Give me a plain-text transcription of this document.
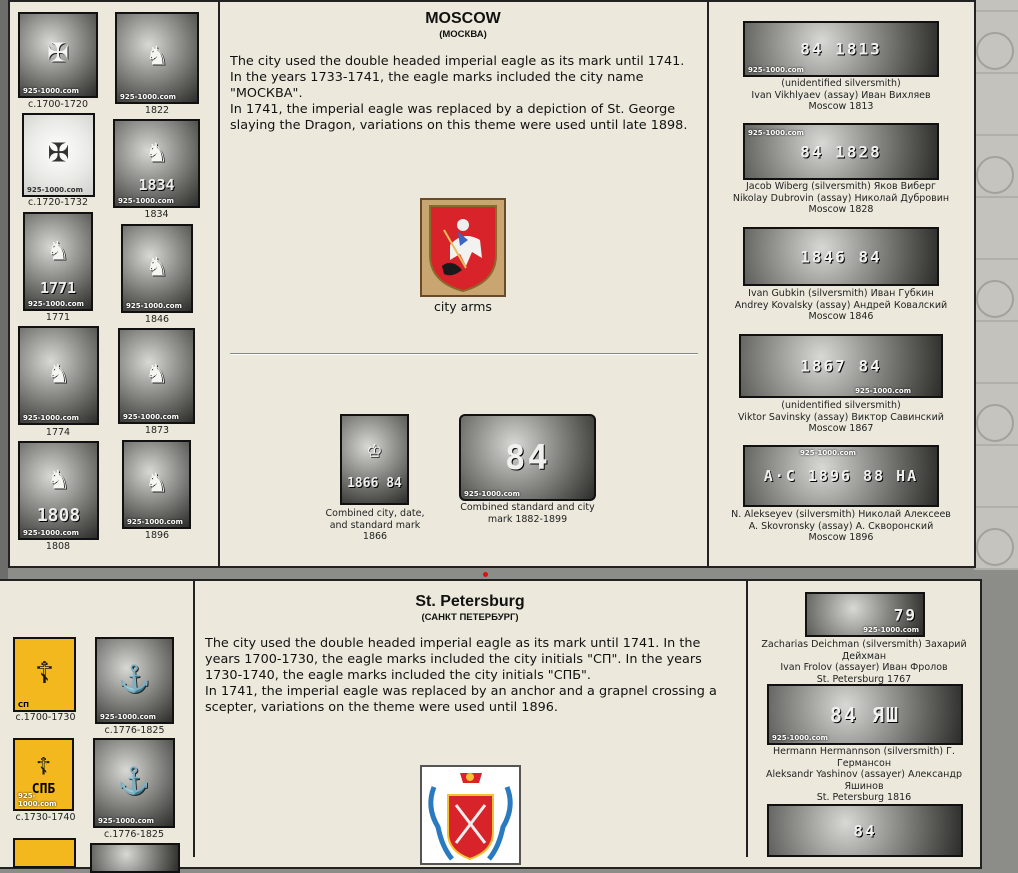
✠
925-1000.com
c.1700-1720
♞
925-1000.com
1822
✠
925-1000.com
c.1720-1732
♞
1834
925-1000.com
1834
♞
1771
925-1000.com
1771
♞
925-1000.com
1846
♞
925-1000.com
1774
♞
925-1000.com
1873
♞
1808
925-1000.com
1808
♞
925-1000.com
1896
MOSCOW
(МОСКВА)

The city used the double headed imperial eagle as its mark until 1741. In the years 1733-1741, the eagle marks included the city name "МОСКВА".

In 1741, the imperial eagle was replaced by a depiction of St. George slaying the Dragon, variations on this theme were used until late 1898.

city arms
♔
1866 84
Combined city, date, and standard mark 1866
84
925-1000.com
Combined standard and city mark 1882-1899
84 1813
925-1000.com
(unidentified silversmith)
Ivan Vikhlyaev (assay) Иван Вихляев
Moscow 1813
84 1828
925-1000.com
Jacob Wiberg (silversmith) Яков Виберг
Nikolay Dubrovin (assay) Николай Дубровин
Moscow 1828
1846 84
Ivan Gubkin (silversmith) Иван Губкин
Andrey Kovalsky (assay) Андрей Ковалский
Moscow 1846
1867 84
925-1000.com
(unidentified silversmith)
Viktor Savinsky (assay) Виктор Савинский
Moscow 1867
A·C 1896 88 HA
925-1000.com
N. Alekseyev (silversmith) Николай Алексеев
A. Skovronsky (assay) А. Скворонский
Moscow 1896
☦
СП
c.1700-1730
⚓
925-1000.com
c.1776-1825
☦
СПБ
925-1000.com
c.1730-1740
⚓
925-1000.com
c.1776-1825
St. Petersburg
(САНКТ ПЕТЕРБУРГ)

The city used the double headed imperial eagle as its mark until 1741. In the years 1700-1730, the eagle marks included the city initials "СП". In the years 1730-1740, the eagle marks included the city initials "СПБ".

In 1741, the imperial eagle was replaced by an anchor and a grapnel crossing a scepter, variations on the theme were used until 1896.

79
925-1000.com
Zacharias Deichman (silversmith) Захарий Дейхман
Ivan Frolov (assayer) Иван Фролов
St. Petersburg 1767
84 ЯШ
925-1000.com
Hermann Hermannson (silversmith) Г. Германсон
Aleksandr Yashinov (assayer) Александр Яшинов
St. Petersburg 1816
84
